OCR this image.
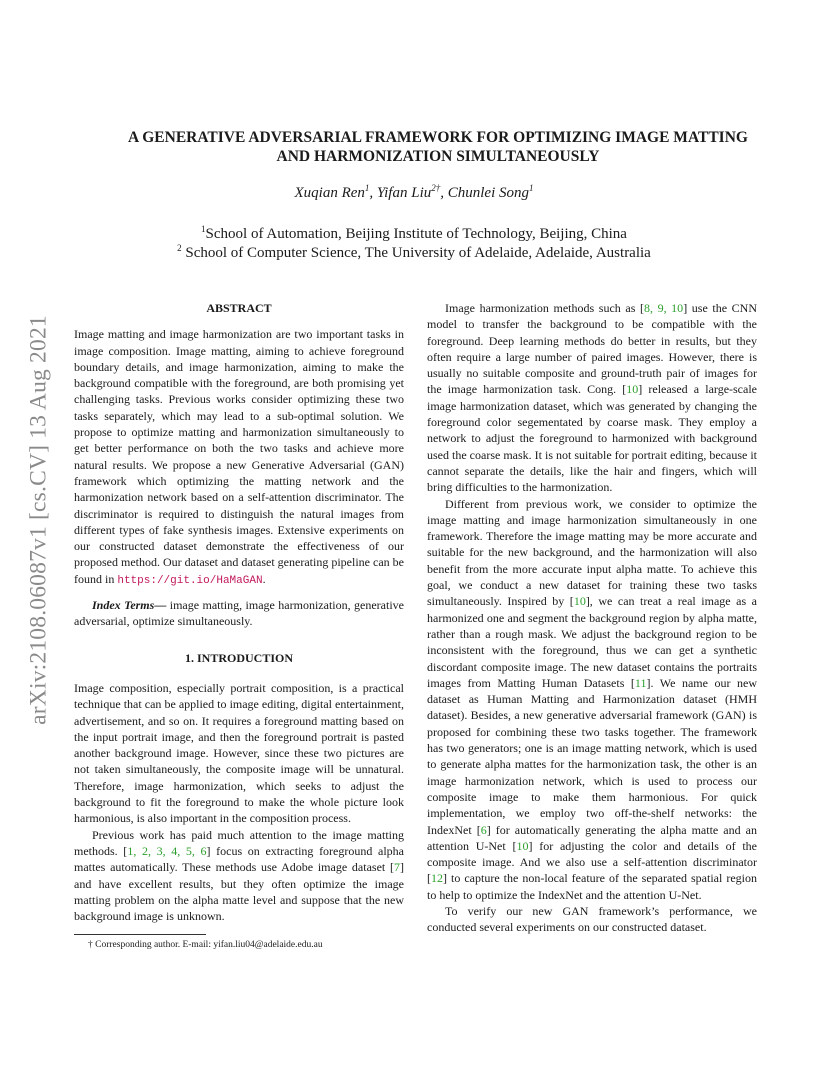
arXiv:2108.06087v1 [cs.CV] 13 Aug 2021
A GENERATIVE ADVERSARIAL FRAMEWORK FOR OPTIMIZING IMAGE MATTING
AND HARMONIZATION SIMULTANEOUSLY
Xuqian Ren$^1$, Yifan Liu$^{2\dagger}$, Chunlei Song$^1$
$^1$School of Automation, Beijing Institute of Technology, Beijing, China
$^2$ School of Computer Science, The University of Adelaide, Adelaide, Australia

ABSTRACT

Image matting and image harmonization are two important tasks in image composition. Image matting, aiming to achieve foreground boundary details, and image harmonization, aiming to make the background compatible with the foreground, are both promising yet challenging tasks. Previous works consider optimizing these two tasks separately, which may lead to a sub-optimal solution. We propose to optimize matting and harmonization simultaneously to get better performance on both the two tasks and achieve more natural results. We propose a new Generative Adversarial (GAN) framework which optimizing the matting network and the harmonization network based on a self-attention discriminator. The discriminator is required to distinguish the natural images from different types of fake synthesis images. Extensive experiments on our constructed dataset demonstrate the effectiveness of our proposed method. Our dataset and dataset generating pipeline can be found in https://git.io/HaMaGAN.

Index Terms— image matting, image harmonization, generative adversarial, optimize simultaneously.

1. INTRODUCTION

Image composition, especially portrait composition, is a practical technique that can be applied to image editing, digital entertainment, advertisement, and so on. It requires a foreground matting based on the input portrait image, and then the foreground portrait is pasted another background image. However, since these two pictures are not taken simultaneously, the composite image will be unnatural. Therefore, image harmonization, which seeks to adjust the background to fit the foreground to make the whole picture look harmonious, is also important in the composition process.

Previous work has paid much attention to the image matting methods. [1, 2, 3, 4, 5, 6] focus on extracting foreground alpha mattes automatically. These methods use Adobe image dataset [7] and have excellent results, but they often optimize the image matting problem on the alpha matte level and suppose that the new background image is unknown.

† Corresponding author. E-mail: yifan.liu04@adelaide.edu.au

Image harmonization methods such as [8, 9, 10] use the CNN model to transfer the background to be compatible with the foreground. Deep learning methods do better in results, but they often require a large number of paired images. However, there is usually no suitable composite and ground-truth pair of images for the image harmonization task. Cong. [10] released a large-scale image harmonization dataset, which was generated by changing the foreground color segementated by coarse mask. They employ a network to adjust the foreground to harmonized with background used the coarse mask. It is not suitable for portrait editing, because it cannot separate the details, like the hair and fingers, which will bring difficulties to the harmonization.

Different from previous work, we consider to optimize the image matting and image harmonization simultaneously in one framework. Therefore the image matting may be more accurate and suitable for the new background, and the harmonization will also benefit from the more accurate input alpha matte. To achieve this goal, we conduct a new dataset for training these two tasks simultaneously. Inspired by [10], we can treat a real image as a harmonized one and segment the background region by alpha matte, rather than a rough mask. We adjust the background region to be inconsistent with the foreground, thus we can get a synthetic discordant composite image. The new dataset contains the portraits images from Matting Human Datasets [11]. We name our new dataset as Human Matting and Harmonization dataset (HMH dataset). Besides, a new generative adversarial framework (GAN) is proposed for combining these two tasks together. The framework has two generators; one is an image matting network, which is used to generate alpha mattes for the harmonization task, the other is an image harmonization network, which is used to process our composite image to make them harmonious. For quick implementation, we employ two off-the-shelf networks: the IndexNet [6] for automatically generating the alpha matte and an attention U-Net [10] for adjusting the color and details of the composite image. And we also use a self-attention discriminator [12] to capture the non-local feature of the separated spatial region to help to optimize the IndexNet and the attention U-Net.

To verify our new GAN framework’s performance, we conducted several experiments on our constructed dataset.
